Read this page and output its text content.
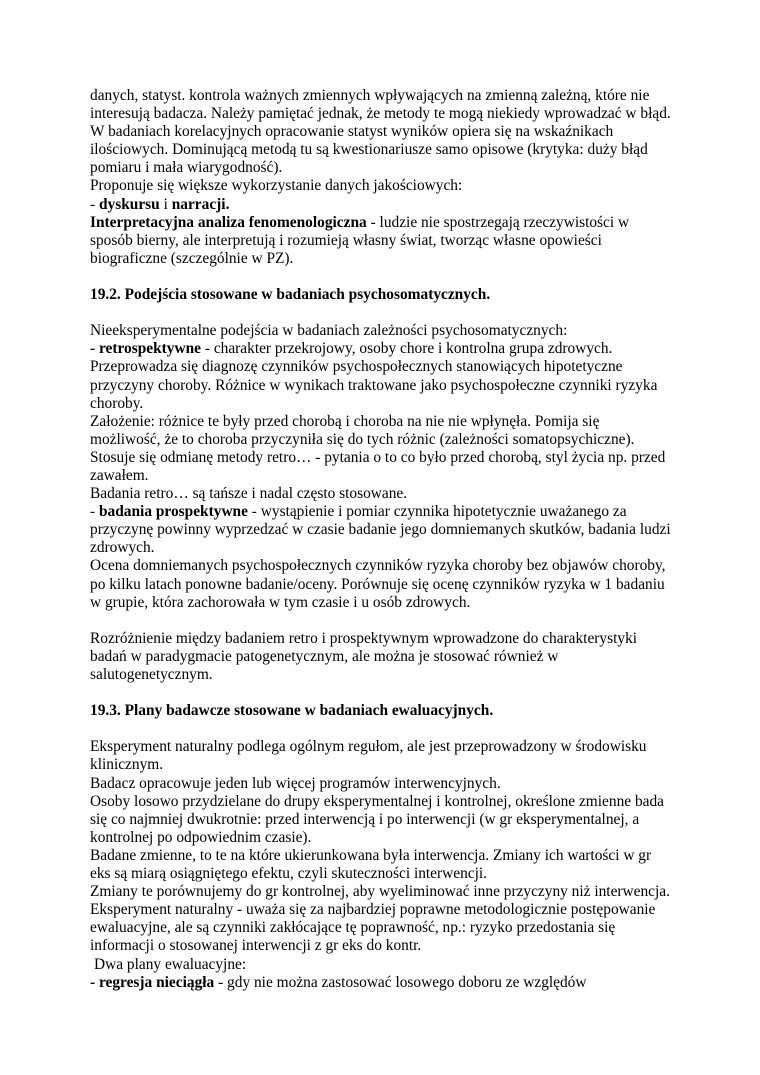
danych, statyst. kontrola ważnych zmiennych wpływających na zmienną zależną, które nie
interesują badacza. Należy pamiętać jednak, że metody te mogą niekiedy wprowadzać w błąd.
W badaniach korelacyjnych opracowanie statyst wyników opiera się na wskaźnikach
ilościowych. Dominującą metodą tu są kwestionariusze samo opisowe (krytyka: duży błąd
pomiaru i mała wiarygodność).
Proponuje się większe wykorzystanie danych jakościowych:
- dyskursu i narracji.
Interpretacyjna analiza fenomenologiczna - ludzie nie spostrzegają rzeczywistości w
sposób bierny, ale interpretują i rozumieją własny świat, tworząc własne opowieści
biograficzne (szczególnie w PZ).
19.2. Podejścia stosowane w badaniach psychosomatycznych.
Nieeksperymentalne podejścia w badaniach zależności psychosomatycznych:
- retrospektywne - charakter przekrojowy, osoby chore i kontrolna grupa zdrowych.
Przeprowadza się diagnozę czynników psychospołecznych stanowiących hipotetyczne
przyczyny choroby. Różnice w wynikach traktowane jako psychospołeczne czynniki ryzyka
choroby.
Założenie: różnice te były przed chorobą i choroba na nie nie wpłynęła. Pomija się
możliwość, że to choroba przyczyniła się do tych różnic (zależności somatopsychiczne).
Stosuje się odmianę metody retro… - pytania o to co było przed chorobą, styl życia np. przed
zawałem.
Badania retro… są tańsze i nadal często stosowane.
- badania prospektywne - wystąpienie i pomiar czynnika hipotetycznie uważanego za
przyczynę powinny wyprzedzać w czasie badanie jego domniemanych skutków, badania ludzi
zdrowych.
Ocena domniemanych psychospołecznych czynników ryzyka choroby bez objawów choroby,
po kilku latach ponowne badanie/oceny. Porównuje się ocenę czynników ryzyka w 1 badaniu
w grupie, która zachorowała w tym czasie i u osób zdrowych.
Rozróżnienie między badaniem retro i prospektywnym wprowadzone do charakterystyki
badań w paradygmacie patogenetycznym, ale można je stosować również w
salutogenetycznym.
19.3. Plany badawcze stosowane w badaniach ewaluacyjnych.
Eksperyment naturalny podlega ogólnym regułom, ale jest przeprowadzony w środowisku
klinicznym.
Badacz opracowuje jeden lub więcej programów interwencyjnych.
Osoby losowo przydzielane do drupy eksperymentalnej i kontrolnej, określone zmienne bada
się co najmniej dwukrotnie: przed interwencją i po interwencji (w gr eksperymentalnej, a
kontrolnej po odpowiednim czasie).
Badane zmienne, to te na które ukierunkowana była interwencja. Zmiany ich wartości w gr
eks są miarą osiągniętego efektu, czyli skuteczności interwencji.
Zmiany te porównujemy do gr kontrolnej, aby wyeliminować inne przyczyny niż interwencja.
Eksperyment naturalny - uważa się za najbardziej poprawne metodologicznie postępowanie
ewaluacyjne, ale są czynniki zakłócające tę poprawność, np.: ryzyko przedostania się
informacji o stosowanej interwencji z gr eks do kontr.
Dwa plany ewaluacyjne:
- regresja nieciągła - gdy nie można zastosować losowego doboru ze względów
